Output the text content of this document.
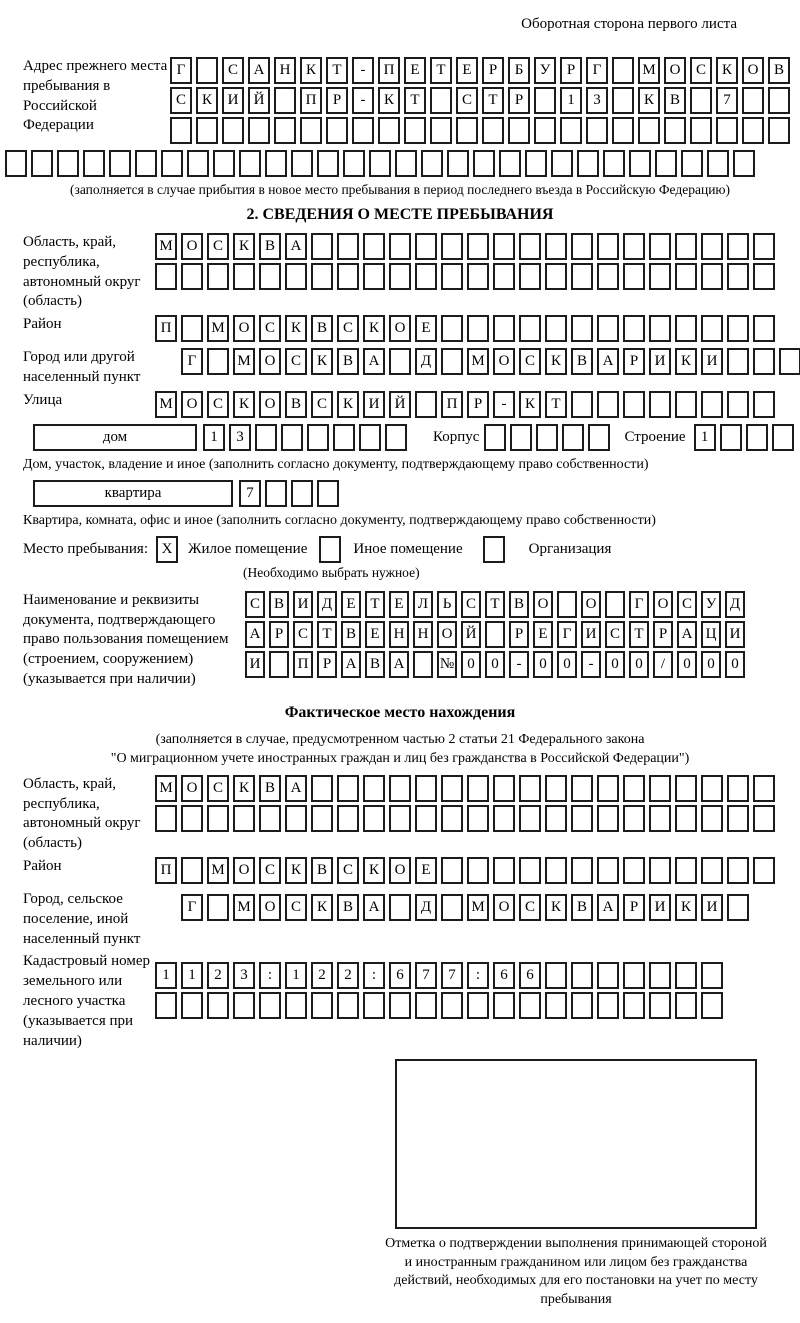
Оборотная сторона первого листа
Адрес прежнего места пребывания в Российской Федерации
Г	С	А	Н	К	Т	-	П	Е	Т	Е	Р	Б	У	Р	Г	М О	С	К	О	В
С	К	И	Й	П	Р	-	К	Т	С	Т	Р	1	3	К	В	7
(заполняется в случае прибытия в новое место пребывания в период последнего въезда в Российскую Федерацию)
2. СВЕДЕНИЯ О МЕСТЕ ПРЕБЫВАНИЯ
Область, край, республика, автономный округ (область)
М О	С	К	В	А
Район	П	М О	С	К	В	С	К	О	Е
Город или другой населенный пункт
Г	М О	С	К	В	А	Д	М О	С	К	В	А	Р	И	К	И
Улица	М О	С	К	О	В	С	К	И	Й	П	Р	-	К	Т
дом	1	3	Корпус	Строение	1
Дом, участок, владение и иное (заполнить согласно документу, подтверждающему право собственности)
квартира	7
Квартира, комната, офис и иное (заполнить согласно документу, подтверждающему право собственности)
Место пребывания: X	Жилое помещение	Иное помещение	Организация
(Необходимо выбрать нужное)
Наименование и реквизиты документа, подтверждающего право пользования помещением (строением, сооружением) (указывается при наличии)
С В И Д Е Т Е Л Ь С Т В О	О	Г О С У Д
А Р С Т В Е Н Н О Й	Р	Е	Г И С Т	Р А Ц И
И	П Р А В А	№ 0	0	-	0	0	-	0	0	/	0	0	0
Фактическое место нахождения
(заполняется в случае, предусмотренном частью 2 статьи 21 Федерального закона
"О миграционном учете иностранных граждан и лиц без гражданства в Российской Федерации")
Область, край, республика, автономный округ (область)
М О	С	К	В	А
Район	П	М О	С	К	В	С	К	О	Е
Город, сельское поселение, иной населенный пункт
Г	М О	С	К	В	А	Д	М О	С	К	В	А	Р	И	К	И
Кадастровый номер земельного или лесного участка (указывается при наличии)
1	1	2	3	:	1	2	2	:	6	7	7	:	6	6
Отметка о подтверждении выполнения принимающей стороной и иностранным гражданином или лицом без гражданства действий, необходимых для его постановки на учет по месту пребывания
